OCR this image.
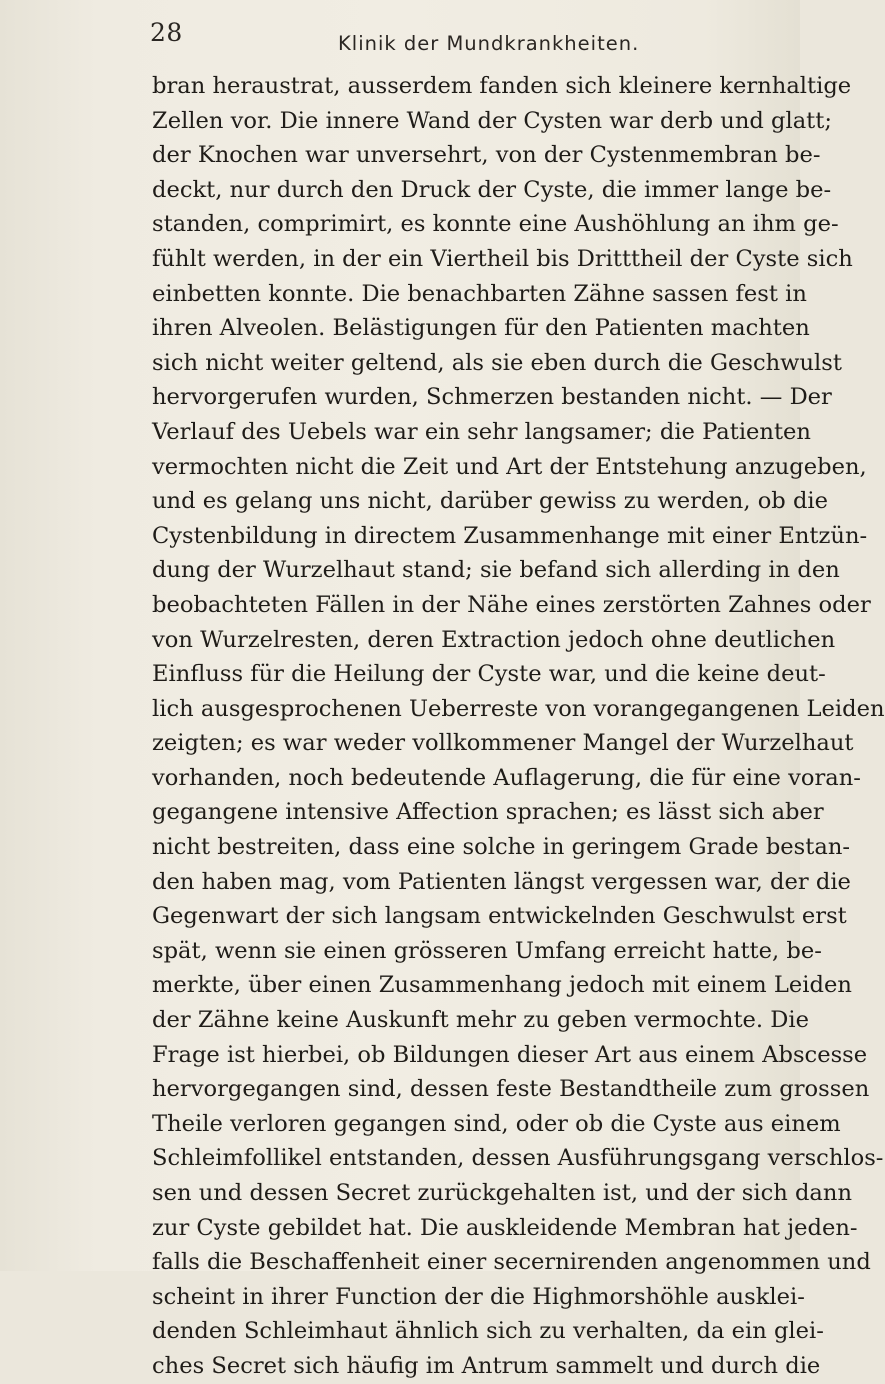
28	Klinik der Mundkrankheiten.
bran heraustrat, ausserdem fanden sich kleinere kernhaltige
Zellen vor. Die innere Wand der Cysten war derb und glatt;
der Knochen war unversehrt, von der Cystenmembran be-
deckt, nur durch den Druck der Cyste, die immer lange be-
standen, comprimirt, es konnte eine Aushöhlung an ihm ge-
fühlt werden, in der ein Viertheil bis Dritttheil der Cyste sich
einbetten konnte. Die benachbarten Zähne sassen fest in
ihren Alveolen. Belästigungen für den Patienten machten
sich nicht weiter geltend, als sie eben durch die Geschwulst
hervorgerufen wurden, Schmerzen bestanden nicht. — Der
Verlauf des Uebels war ein sehr langsamer; die Patienten
vermochten nicht die Zeit und Art der Entstehung anzugeben,
und es gelang uns nicht, darüber gewiss zu werden, ob die
Cystenbildung in directem Zusammenhange mit einer Entzün-
dung der Wurzelhaut stand; sie befand sich allerding in den
beobachteten Fällen in der Nähe eines zerstörten Zahnes oder
von Wurzelresten, deren Extraction jedoch ohne deutlichen
Einfluss für die Heilung der Cyste war, und die keine deut-
lich ausgesprochenen Ueberreste von vorangegangenen Leiden
zeigten; es war weder vollkommener Mangel der Wurzelhaut
vorhanden, noch bedeutende Auflagerung, die für eine voran-
gegangene intensive Affection sprachen; es lässt sich aber
nicht bestreiten, dass eine solche in geringem Grade bestan-
den haben mag, vom Patienten längst vergessen war, der die
Gegenwart der sich langsam entwickelnden Geschwulst erst
spät, wenn sie einen grösseren Umfang erreicht hatte, be-
merkte, über einen Zusammenhang jedoch mit einem Leiden
der Zähne keine Auskunft mehr zu geben vermochte. Die
Frage ist hierbei, ob Bildungen dieser Art aus einem Abscesse
hervorgegangen sind, dessen feste Bestandtheile zum grossen
Theile verloren gegangen sind, oder ob die Cyste aus einem
Schleimfollikel entstanden, dessen Ausführungsgang verschlos-
sen und dessen Secret zurückgehalten ist, und der sich dann
zur Cyste gebildet hat. Die auskleidende Membran hat jeden-
falls die Beschaffenheit einer secernirenden angenommen und
scheint in ihrer Function der die Highmorshöhle ausklei-
denden Schleimhaut ähnlich sich zu verhalten, da ein glei-
ches Secret sich häufig im Antrum sammelt und durch die
